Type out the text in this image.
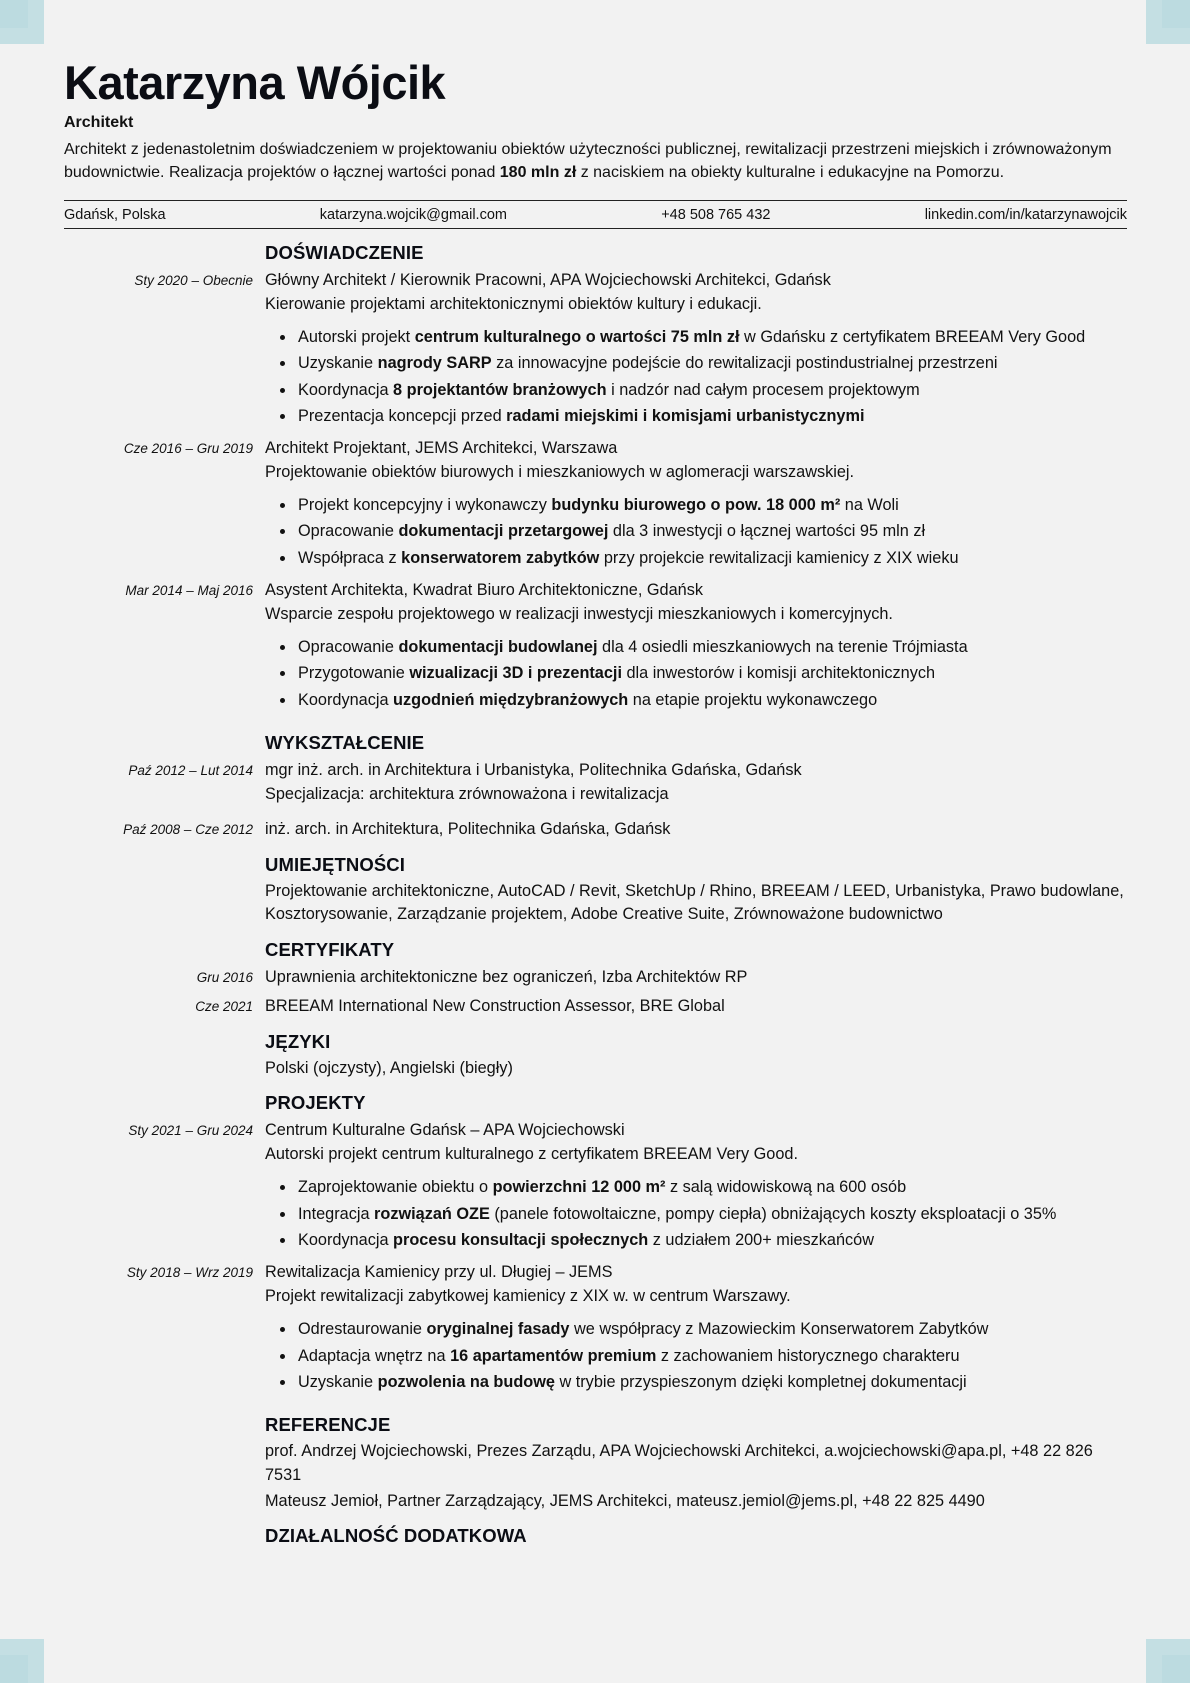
Katarzyna Wójcik
Architekt

Architekt z jedenastoletnim doświadczeniem w projektowaniu obiektów użyteczności publicznej, rewitalizacji przestrzeni miejskich i zrównoważonym budownictwie. Realizacja projektów o łącznej wartości ponad 180 mln zł z naciskiem na obiekty kulturalne i edukacyjne na Pomorzu.

Gdańsk, Polska	katarzyna.wojcik@gmail.com	+48 508 765 432	linkedin.com/in/katarzynawojcik
DOŚWIADCZENIE
Sty 2020 – Obecnie Główny Architekt / Kierownik Pracowni, APA Wojciechowski Architekci, Gdańsk
Kierowanie projektami architektonicznymi obiektów kultury i edukacji.
Autorski projekt centrum kulturalnego o wartości 75 mln zł w Gdańsku z certyfikatem BREEAM Very Good
Uzyskanie nagrody SARP za innowacyjne podejście do rewitalizacji postindustrialnej przestrzeni
Koordynacja 8 projektantów branżowych i nadzór nad całym procesem projektowym
Prezentacja koncepcji przed radami miejskimi i komisjami urbanistycznymi
Cze 2016 – Gru 2019 Architekt Projektant, JEMS Architekci, Warszawa
Projektowanie obiektów biurowych i mieszkaniowych w aglomeracji warszawskiej.
Projekt koncepcyjny i wykonawczy budynku biurowego o pow. 18 000 m² na Woli
Opracowanie dokumentacji przetargowej dla 3 inwestycji o łącznej wartości 95 mln zł
Współpraca z konserwatorem zabytków przy projekcie rewitalizacji kamienicy z XIX wieku
Mar 2014 – Maj 2016 Asystent Architekta, Kwadrat Biuro Architektoniczne, Gdańsk
Wsparcie zespołu projektowego w realizacji inwestycji mieszkaniowych i komercyjnych.
Opracowanie dokumentacji budowlanej dla 4 osiedli mieszkaniowych na terenie Trójmiasta
Przygotowanie wizualizacji 3D i prezentacji dla inwestorów i komisji architektonicznych
Koordynacja uzgodnień międzybranżowych na etapie projektu wykonawczego
WYKSZTAŁCENIE
Paź 2012 – Lut 2014 mgr inż. arch. in Architektura i Urbanistyka, Politechnika Gdańska, Gdańsk
Specjalizacja: architektura zrównoważona i rewitalizacja
Paź 2008 – Cze 2012 inż. arch. in Architektura, Politechnika Gdańska, Gdańsk
UMIEJĘTNOŚCI

Projektowanie architektoniczne, AutoCAD / Revit, SketchUp / Rhino, BREEAM / LEED, Urbanistyka, Prawo budowlane, Kosztorysowanie, Zarządzanie projektem, Adobe Creative Suite, Zrównoważone budownictwo

CERTYFIKATY
Gru 2016 Uprawnienia architektoniczne bez ograniczeń, Izba Architektów RP
Cze 2021 BREEAM International New Construction Assessor, BRE Global
JĘZYKI

Polski (ojczysty), Angielski (biegły)

PROJEKTY
Sty 2021 – Gru 2024 Centrum Kulturalne Gdańsk – APA Wojciechowski
Autorski projekt centrum kulturalnego z certyfikatem BREEAM Very Good.
Zaprojektowanie obiektu o powierzchni 12 000 m² z salą widowiskową na 600 osób
Integracja rozwiązań OZE (panele fotowoltaiczne, pompy ciepła) obniżających koszty eksploatacji o 35%
Koordynacja procesu konsultacji społecznych z udziałem 200+ mieszkańców
Sty 2018 – Wrz 2019 Rewitalizacja Kamienicy przy ul. Długiej – JEMS
Projekt rewitalizacji zabytkowej kamienicy z XIX w. w centrum Warszawy.
Odrestaurowanie oryginalnej fasady we współpracy z Mazowieckim Konserwatorem Zabytków
Adaptacja wnętrz na 16 apartamentów premium z zachowaniem historycznego charakteru
Uzyskanie pozwolenia na budowę w trybie przyspieszonym dzięki kompletnej dokumentacji
REFERENCJE

prof. Andrzej Wojciechowski, Prezes Zarządu, APA Wojciechowski Architekci, a.wojciechowski@apa.pl, +48 22 826 7531

Mateusz Jemioł, Partner Zarządzający, JEMS Architekci, mateusz.jemiol@jems.pl, +48 22 825 4490

DZIAŁALNOŚĆ DODATKOWA
